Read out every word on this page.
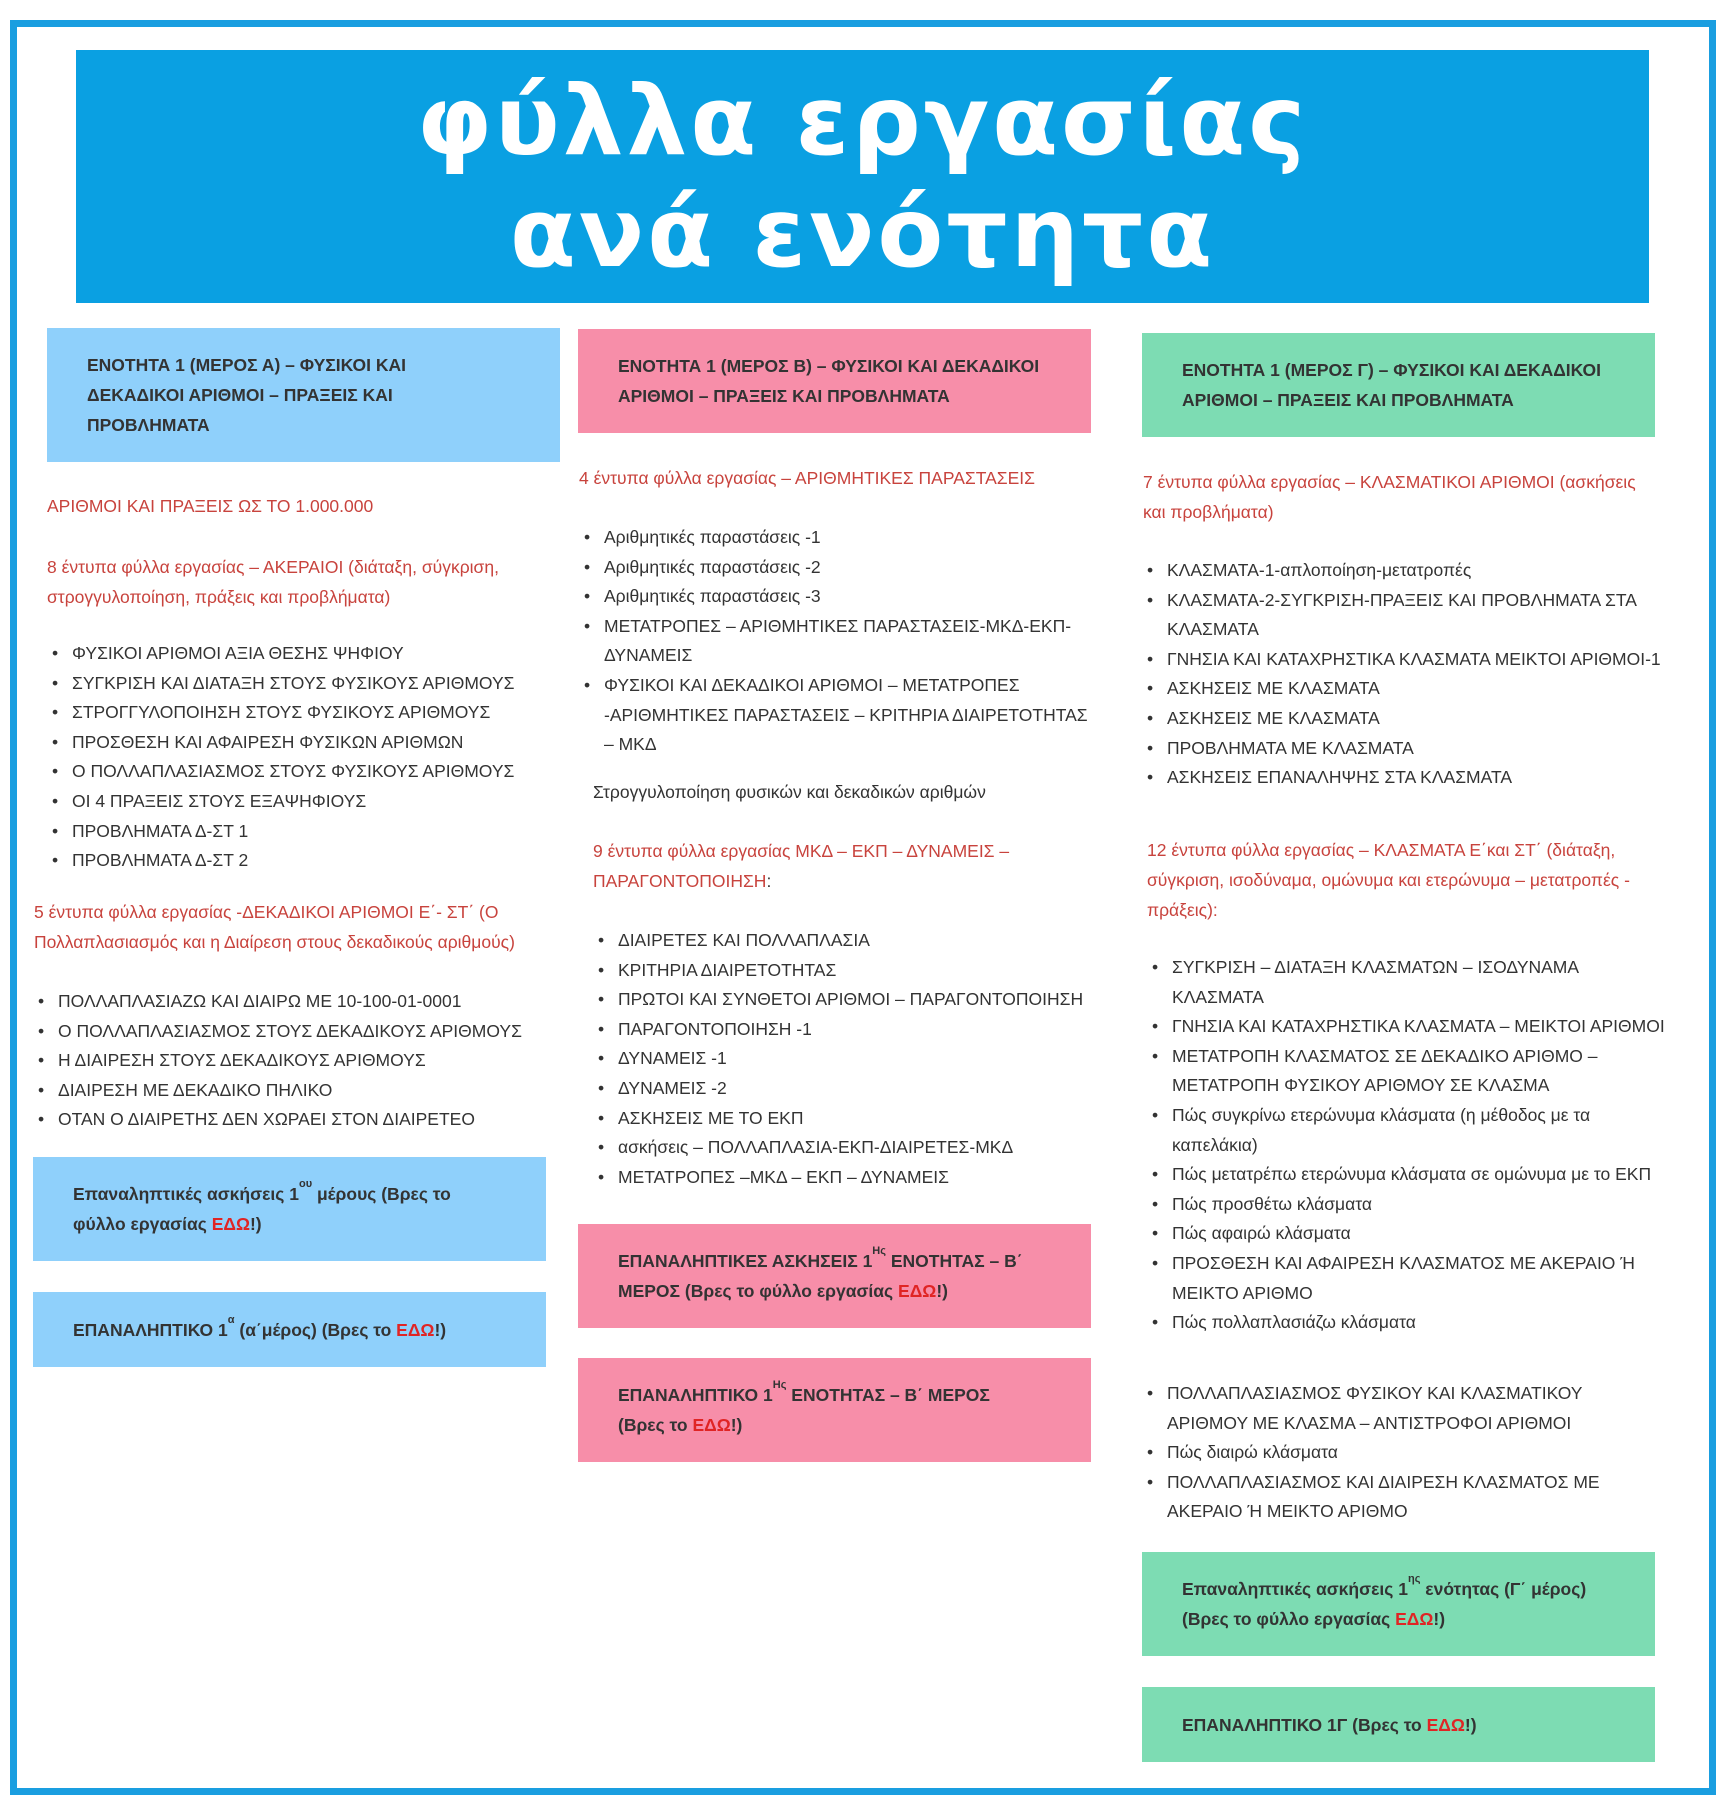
φύλλα εργασίας
ανά ενότητα
ΕΝΟΤΗΤΑ 1 (ΜΕΡΟΣ Α) – ΦΥΣΙΚΟΙ ΚΑΙ
ΔΕΚΑΔΙΚΟΙ ΑΡΙΘΜΟΙ – ΠΡΑΞΕΙΣ ΚΑΙ
ΠΡΟΒΛΗΜΑΤΑ
ΑΡΙΘΜΟΙ ΚΑΙ ΠΡΑΞΕΙΣ ΩΣ ΤΟ 1.000.000
8 έντυπα φύλλα εργασίας – ΑΚΕΡΑΙΟΙ (διάταξη, σύγκριση,
στρογγυλοποίηση, πράξεις και προβλήματα)
• ΦΥΣΙΚΟΙ ΑΡΙΘΜΟΙ ΑΞΙΑ ΘΕΣΗΣ ΨΗΦΙΟΥ
• ΣΥΓΚΡΙΣΗ ΚΑΙ ΔΙΑΤΑΞΗ ΣΤΟΥΣ ΦΥΣΙΚΟΥΣ ΑΡΙΘΜΟΥΣ
• ΣΤΡΟΓΓΥΛΟΠΟΙΗΣΗ ΣΤΟΥΣ ΦΥΣΙΚΟΥΣ ΑΡΙΘΜΟΥΣ
• ΠΡΟΣΘΕΣΗ ΚΑΙ ΑΦΑΙΡΕΣΗ ΦΥΣΙΚΩΝ ΑΡΙΘΜΩΝ
• Ο ΠΟΛΛΑΠΛΑΣΙΑΣΜΟΣ ΣΤΟΥΣ ΦΥΣΙΚΟΥΣ ΑΡΙΘΜΟΥΣ
• ΟΙ 4 ΠΡΑΞΕΙΣ ΣΤΟΥΣ ΕΞΑΨΗΦΙΟΥΣ
• ΠΡΟΒΛΗΜΑΤΑ Δ-ΣΤ 1
• ΠΡΟΒΛΗΜΑΤΑ Δ-ΣΤ 2
5 έντυπα φύλλα εργασίας -ΔΕΚΑΔΙΚΟΙ ΑΡΙΘΜΟΙ Ε΄- ΣΤ΄ (Ο
Πολλαπλασιασμός και η Διαίρεση στους δεκαδικούς αριθμούς)
• ΠΟΛΛΑΠΛΑΣΙΑΖΩ ΚΑΙ ΔΙΑΙΡΩ ΜΕ 10-100-01-0001
• Ο ΠΟΛΛΑΠΛΑΣΙΑΣΜΟΣ ΣΤΟΥΣ ΔΕΚΑΔΙΚΟΥΣ ΑΡΙΘΜΟΥΣ
• Η ΔΙΑΙΡΕΣΗ ΣΤΟΥΣ ΔΕΚΑΔΙΚΟΥΣ ΑΡΙΘΜΟΥΣ
• ΔΙΑΙΡΕΣΗ ΜΕ ΔΕΚΑΔΙΚΟ ΠΗΛΙΚΟ
• ΟΤΑΝ Ο ΔΙΑΙΡΕΤΗΣ ΔΕΝ ΧΩΡΑΕΙ ΣΤΟΝ ΔΙΑΙΡΕΤΕΟ
Επαναληπτικές ασκήσεις $1^{o\upsilon}$ μέρους (Βρες το
φύλλο εργασίας ΕΔΩ!)
ΕΠΑΝΑΛΗΠΤΙΚΟ $1^\alpha$ (α΄μέρος) (Βρες το ΕΔΩ!)
ΕΝΟΤΗΤΑ 1 (ΜΕΡΟΣ Β) – ΦΥΣΙΚΟΙ ΚΑΙ ΔΕΚΑΔΙΚΟΙ
ΑΡΙΘΜΟΙ – ΠΡΑΞΕΙΣ ΚΑΙ ΠΡΟΒΛΗΜΑΤΑ
4 έντυπα φύλλα εργασίας – ΑΡΙΘΜΗΤΙΚΕΣ ΠΑΡΑΣΤΑΣΕΙΣ
• Αριθμητικές παραστάσεις -1
• Αριθμητικές παραστάσεις -2
• Αριθμητικές παραστάσεις -3
• ΜΕΤΑΤΡΟΠΕΣ – ΑΡΙΘΜΗΤΙΚΕΣ ΠΑΡΑΣΤΑΣΕΙΣ-ΜΚΔ-ΕΚΠ-ΔΥΝΑΜΕΙΣ
• ΦΥΣΙΚΟΙ ΚΑΙ ΔΕΚΑΔΙΚΟΙ ΑΡΙΘΜΟΙ – ΜΕΤΑΤΡΟΠΕΣ -ΑΡΙΘΜΗΤΙΚΕΣ ΠΑΡΑΣΤΑΣΕΙΣ – ΚΡΙΤΗΡΙΑ ΔΙΑΙΡΕΤΟΤΗΤΑΣ – ΜΚΔ
Στρογγυλοποίηση φυσικών και δεκαδικών αριθμών
9 έντυπα φύλλα εργασίας ΜΚΔ – ΕΚΠ – ΔΥΝΑΜΕΙΣ –
ΠΑΡΑΓΟΝΤΟΠΟΙΗΣΗ:
• ΔΙΑΙΡΕΤΕΣ ΚΑΙ ΠΟΛΛΑΠΛΑΣΙΑ
• ΚΡΙΤΗΡΙΑ ΔΙΑΙΡΕΤΟΤΗΤΑΣ
• ΠΡΩΤΟΙ ΚΑΙ ΣΥΝΘΕΤΟΙ ΑΡΙΘΜΟΙ – ΠΑΡΑΓΟΝΤΟΠΟΙΗΣΗ
• ΠΑΡΑΓΟΝΤΟΠΟΙΗΣΗ -1
• ΔΥΝΑΜΕΙΣ -1
• ΔΥΝΑΜΕΙΣ -2
• ΑΣΚΗΣΕΙΣ ΜΕ ΤΟ ΕΚΠ
• ασκήσεις – ΠΟΛΛΑΠΛΑΣΙΑ-ΕΚΠ-ΔΙΑΙΡΕΤΕΣ-ΜΚΔ
• ΜΕΤΑΤΡΟΠΕΣ –ΜΚΔ – ΕΚΠ – ΔΥΝΑΜΕΙΣ
ΕΠΑΝΑΛΗΠΤΙΚΕΣ ΑΣΚΗΣΕΙΣ $1^{H\varsigma}$ ΕΝΟΤΗΤΑΣ – Β΄
ΜΕΡΟΣ (Βρες το φύλλο εργασίας ΕΔΩ!)
ΕΠΑΝΑΛΗΠΤΙΚΟ $1^{H\varsigma}$ ΕΝΟΤΗΤΑΣ – Β΄ ΜΕΡΟΣ
(Βρες το ΕΔΩ!)
ΕΝΟΤΗΤΑ 1 (ΜΕΡΟΣ Γ) – ΦΥΣΙΚΟΙ ΚΑΙ ΔΕΚΑΔΙΚΟΙ
ΑΡΙΘΜΟΙ – ΠΡΑΞΕΙΣ ΚΑΙ ΠΡΟΒΛΗΜΑΤΑ
7 έντυπα φύλλα εργασίας – ΚΛΑΣΜΑΤΙΚΟΙ ΑΡΙΘΜΟΙ (ασκήσεις
και προβλήματα)
• ΚΛΑΣΜΑΤΑ-1-απλοποίηση-μετατροπές
• ΚΛΑΣΜΑΤΑ-2-ΣΥΓΚΡΙΣΗ-ΠΡΑΞΕΙΣ ΚΑΙ ΠΡΟΒΛΗΜΑΤΑ ΣΤΑ ΚΛΑΣΜΑΤΑ
• ΓΝΗΣΙΑ ΚΑΙ ΚΑΤΑΧΡΗΣΤΙΚΑ ΚΛΑΣΜΑΤΑ ΜΕΙΚΤΟΙ ΑΡΙΘΜΟΙ-1
• ΑΣΚΗΣΕΙΣ ΜΕ ΚΛΑΣΜΑΤΑ
• ΑΣΚΗΣΕΙΣ ΜΕ ΚΛΑΣΜΑΤΑ
• ΠΡΟΒΛΗΜΑΤΑ ΜΕ ΚΛΑΣΜΑΤΑ
• ΑΣΚΗΣΕΙΣ ΕΠΑΝΑΛΗΨΗΣ ΣΤΑ ΚΛΑΣΜΑΤΑ
12 έντυπα φύλλα εργασίας – ΚΛΑΣΜΑΤΑ Ε΄και ΣΤ΄ (διάταξη,
σύγκριση, ισοδύναμα, ομώνυμα και ετερώνυμα – μετατροπές -
πράξεις):
• ΣΥΓΚΡΙΣΗ – ΔΙΑΤΑΞΗ ΚΛΑΣΜΑΤΩΝ – ΙΣΟΔΥΝΑΜΑ ΚΛΑΣΜΑΤΑ
• ΓΝΗΣΙΑ ΚΑΙ ΚΑΤΑΧΡΗΣΤΙΚΑ ΚΛΑΣΜΑΤΑ – ΜΕΙΚΤΟΙ ΑΡΙΘΜΟΙ
• ΜΕΤΑΤΡΟΠΗ ΚΛΑΣΜΑΤΟΣ ΣΕ ΔΕΚΑΔΙΚΟ ΑΡΙΘΜΟ – ΜΕΤΑΤΡΟΠΗ ΦΥΣΙΚΟΥ ΑΡΙΘΜΟΥ ΣΕ ΚΛΑΣΜΑ
• Πώς συγκρίνω ετερώνυμα κλάσματα (η μέθοδος με τα καπελάκια)
• Πώς μετατρέπω ετερώνυμα κλάσματα σε ομώνυμα με το ΕΚΠ
• Πώς προσθέτω κλάσματα
• Πώς αφαιρώ κλάσματα
• ΠΡΟΣΘΕΣΗ ΚΑΙ ΑΦΑΙΡΕΣΗ ΚΛΑΣΜΑΤΟΣ ΜΕ ΑΚΕΡΑΙΟ Ή ΜΕΙΚΤΟ ΑΡΙΘΜΟ
• Πώς πολλαπλασιάζω κλάσματα
• ΠΟΛΛΑΠΛΑΣΙΑΣΜΟΣ ΦΥΣΙΚΟΥ ΚΑΙ ΚΛΑΣΜΑΤΙΚΟΥ ΑΡΙΘΜΟΥ ΜΕ ΚΛΑΣΜΑ – ΑΝΤΙΣΤΡΟΦΟΙ ΑΡΙΘΜΟΙ
• Πώς διαιρώ κλάσματα
• ΠΟΛΛΑΠΛΑΣΙΑΣΜΟΣ ΚΑΙ ΔΙΑΙΡΕΣΗ ΚΛΑΣΜΑΤΟΣ ΜΕ ΑΚΕΡΑΙΟ Ή ΜΕΙΚΤΟ ΑΡΙΘΜΟ
Επαναληπτικές ασκήσεις $1^{\eta\varsigma}$ ενότητας (Γ΄ μέρος)
(Βρες το φύλλο εργασίας ΕΔΩ!)
ΕΠΑΝΑΛΗΠΤΙΚΟ 1Γ (Βρες το ΕΔΩ!)
